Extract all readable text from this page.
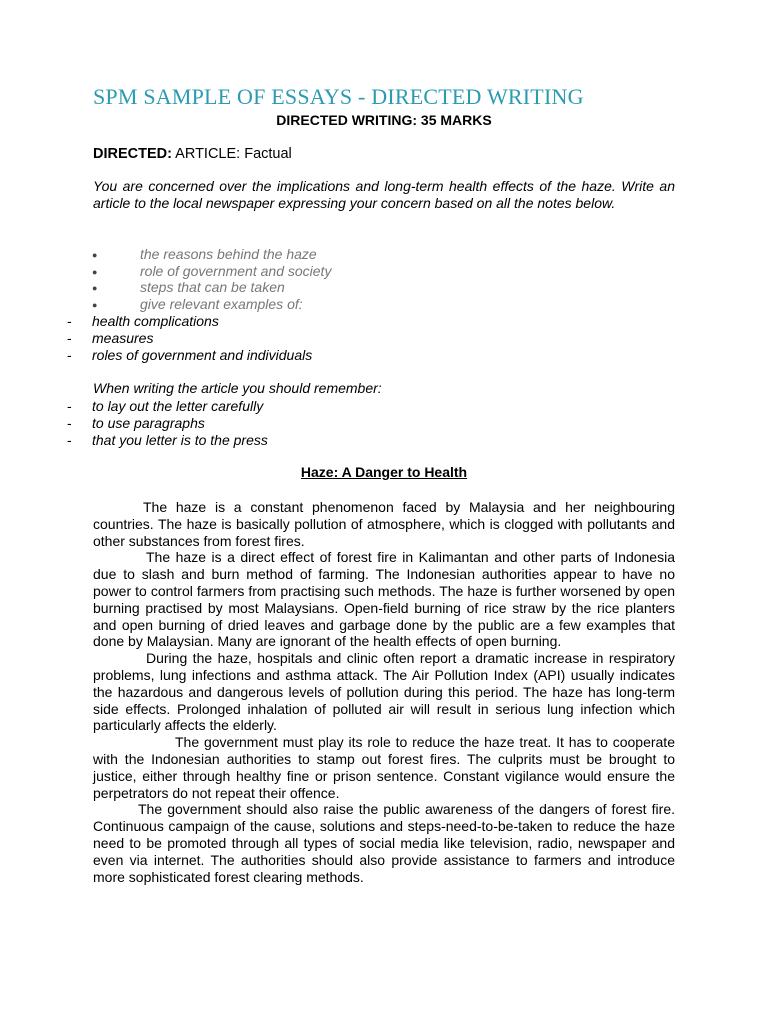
SPM SAMPLE OF ESSAYS - DIRECTED WRITING
DIRECTED WRITING: 35 MARKS
DIRECTED: ARTICLE: Factual
You are concerned over the implications and long-term health effects of the haze. Write an article to the local newspaper expressing your concern based on all the notes below.
●	the reasons behind the haze
●	role of government and society
●	steps that can be taken
●	give relevant examples of:
- health complications
- measures
- roles of government and individuals
When writing the article you should remember:
- to lay out the letter carefully
- to use paragraphs
- that you letter is to the press
Haze: A Danger to Health

The haze is a constant phenomenon faced by Malaysia and her neighbouring countries. The haze is basically pollution of atmosphere, which is clogged with pollutants and other substances from forest fires.

The haze is a direct effect of forest fire in Kalimantan and other parts of Indonesia due to slash and burn method of farming. The Indonesian authorities appear to have no power to control farmers from practising such methods. The haze is further worsened by open burning practised by most Malaysians. Open-field burning of rice straw by the rice planters and open burning of dried leaves and garbage done by the public are a few examples that done by Malaysian. Many are ignorant of the health effects of open burning.

During the haze, hospitals and clinic often report a dramatic increase in respiratory problems, lung infections and asthma attack. The Air Pollution Index (API) usually indicates the hazardous and dangerous levels of pollution during this period. The haze has long-term side effects. Prolonged inhalation of polluted air will result in serious lung infection which particularly affects the elderly.

The government must play its role to reduce the haze treat. It has to cooperate with the Indonesian authorities to stamp out forest fires. The culprits must be brought to justice, either through healthy fine or prison sentence. Constant vigilance would ensure the perpetrators do not repeat their offence.

The government should also raise the public awareness of the dangers of forest fire. Continuous campaign of the cause, solutions and steps-need-to-be-taken to reduce the haze need to be promoted through all types of social media like television, radio, newspaper and even via internet. The authorities should also provide assistance to farmers and introduce more sophisticated forest clearing methods.
